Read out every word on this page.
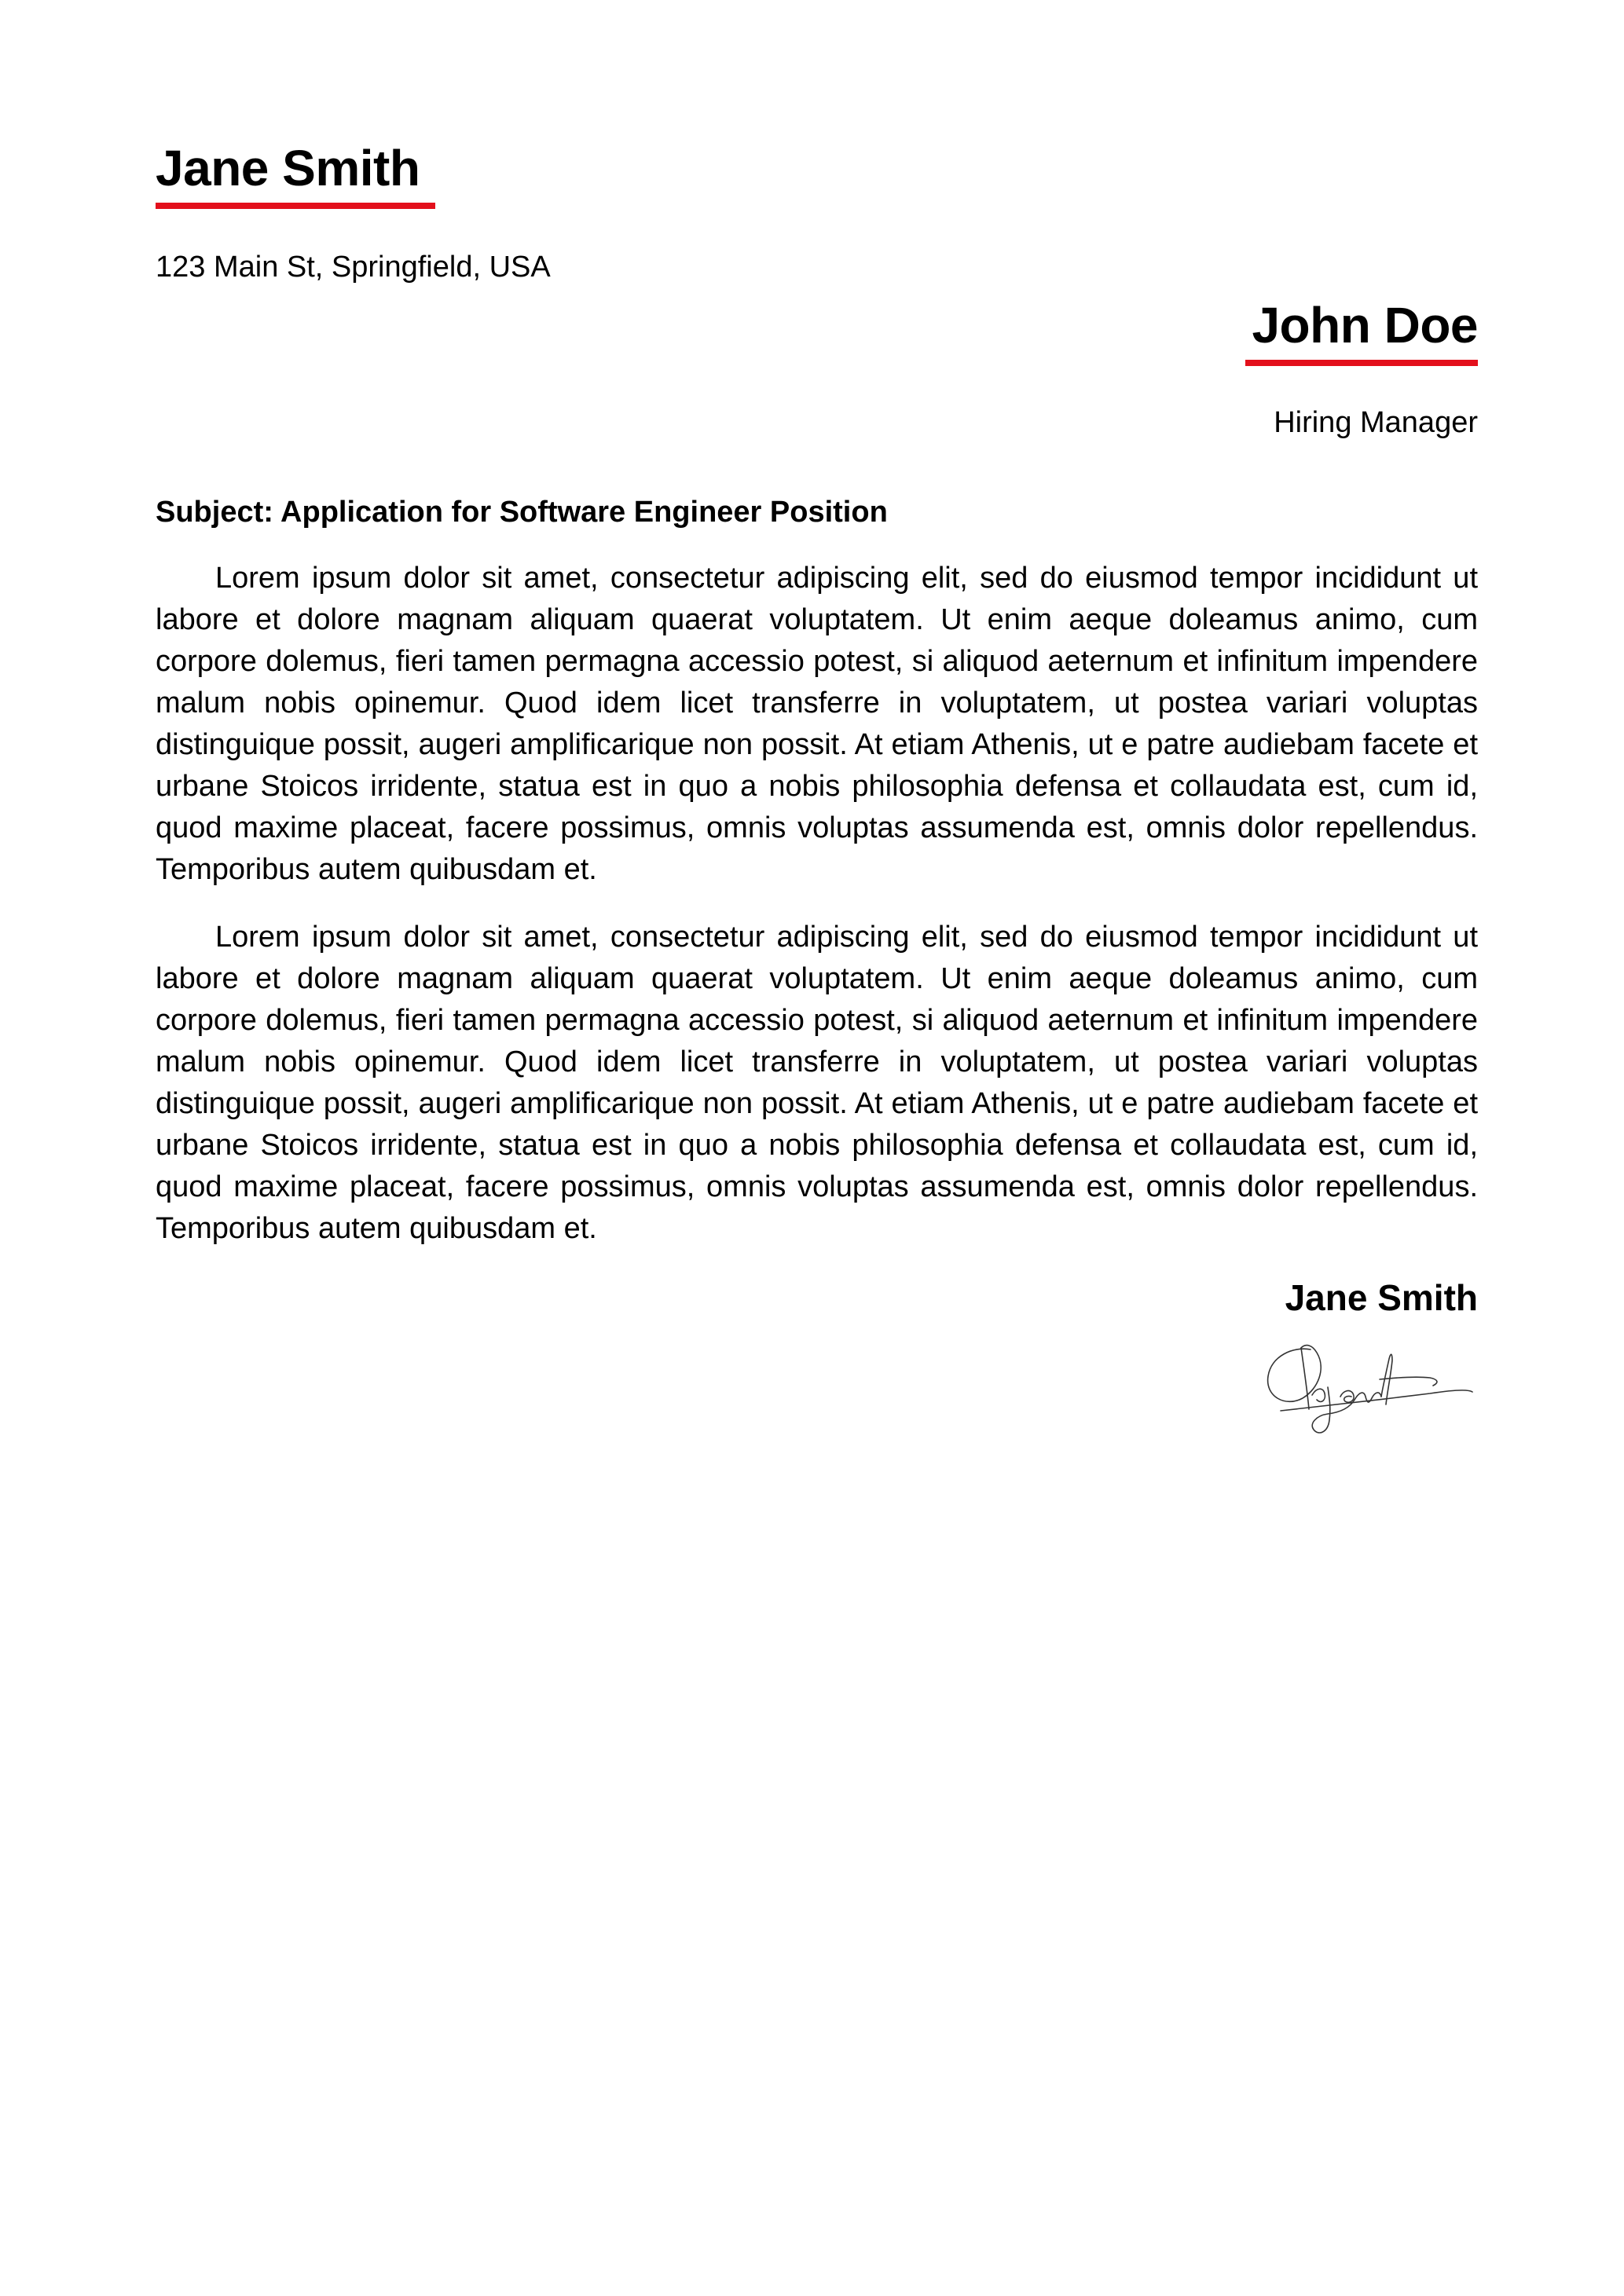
Jane Smith
123 Main St, Springfield, USA
John Doe
Hiring Manager
Subject: Application for Software Engineer Position

Lorem ipsum dolor sit amet, consectetur adipiscing elit, sed do eiusmod tempor incididunt ut labore et dolore magnam aliquam quaerat voluptatem. Ut enim aeque doleamus animo, cum corpore dolemus, fieri tamen permagna accessio potest, si aliquod aeternum et infinitum impendere malum nobis opinemur. Quod idem licet transferre in voluptatem, ut postea variari voluptas distinguique possit, augeri amplificarique non possit. At etiam Athenis, ut e patre audiebam facete et urbane Stoicos irridente, statua est in quo a nobis philosophia defensa et collaudata est, cum id, quod maxime placeat, facere possimus, omnis voluptas assumenda est, omnis dolor repellendus. Temporibus autem quibusdam et.

Lorem ipsum dolor sit amet, consectetur adipiscing elit, sed do eiusmod tempor incididunt ut labore et dolore magnam aliquam quaerat voluptatem. Ut enim aeque doleamus animo, cum corpore dolemus, fieri tamen permagna accessio potest, si aliquod aeternum et infinitum impendere malum nobis opinemur. Quod idem licet transferre in voluptatem, ut postea variari voluptas distinguique possit, augeri amplificarique non possit. At etiam Athenis, ut e patre audiebam facete et urbane Stoicos irridente, statua est in quo a nobis philosophia defensa et collaudata est, cum id, quod maxime placeat, facere possimus, omnis voluptas assumenda est, omnis dolor repellendus. Temporibus autem quibusdam et.

Jane Smith
